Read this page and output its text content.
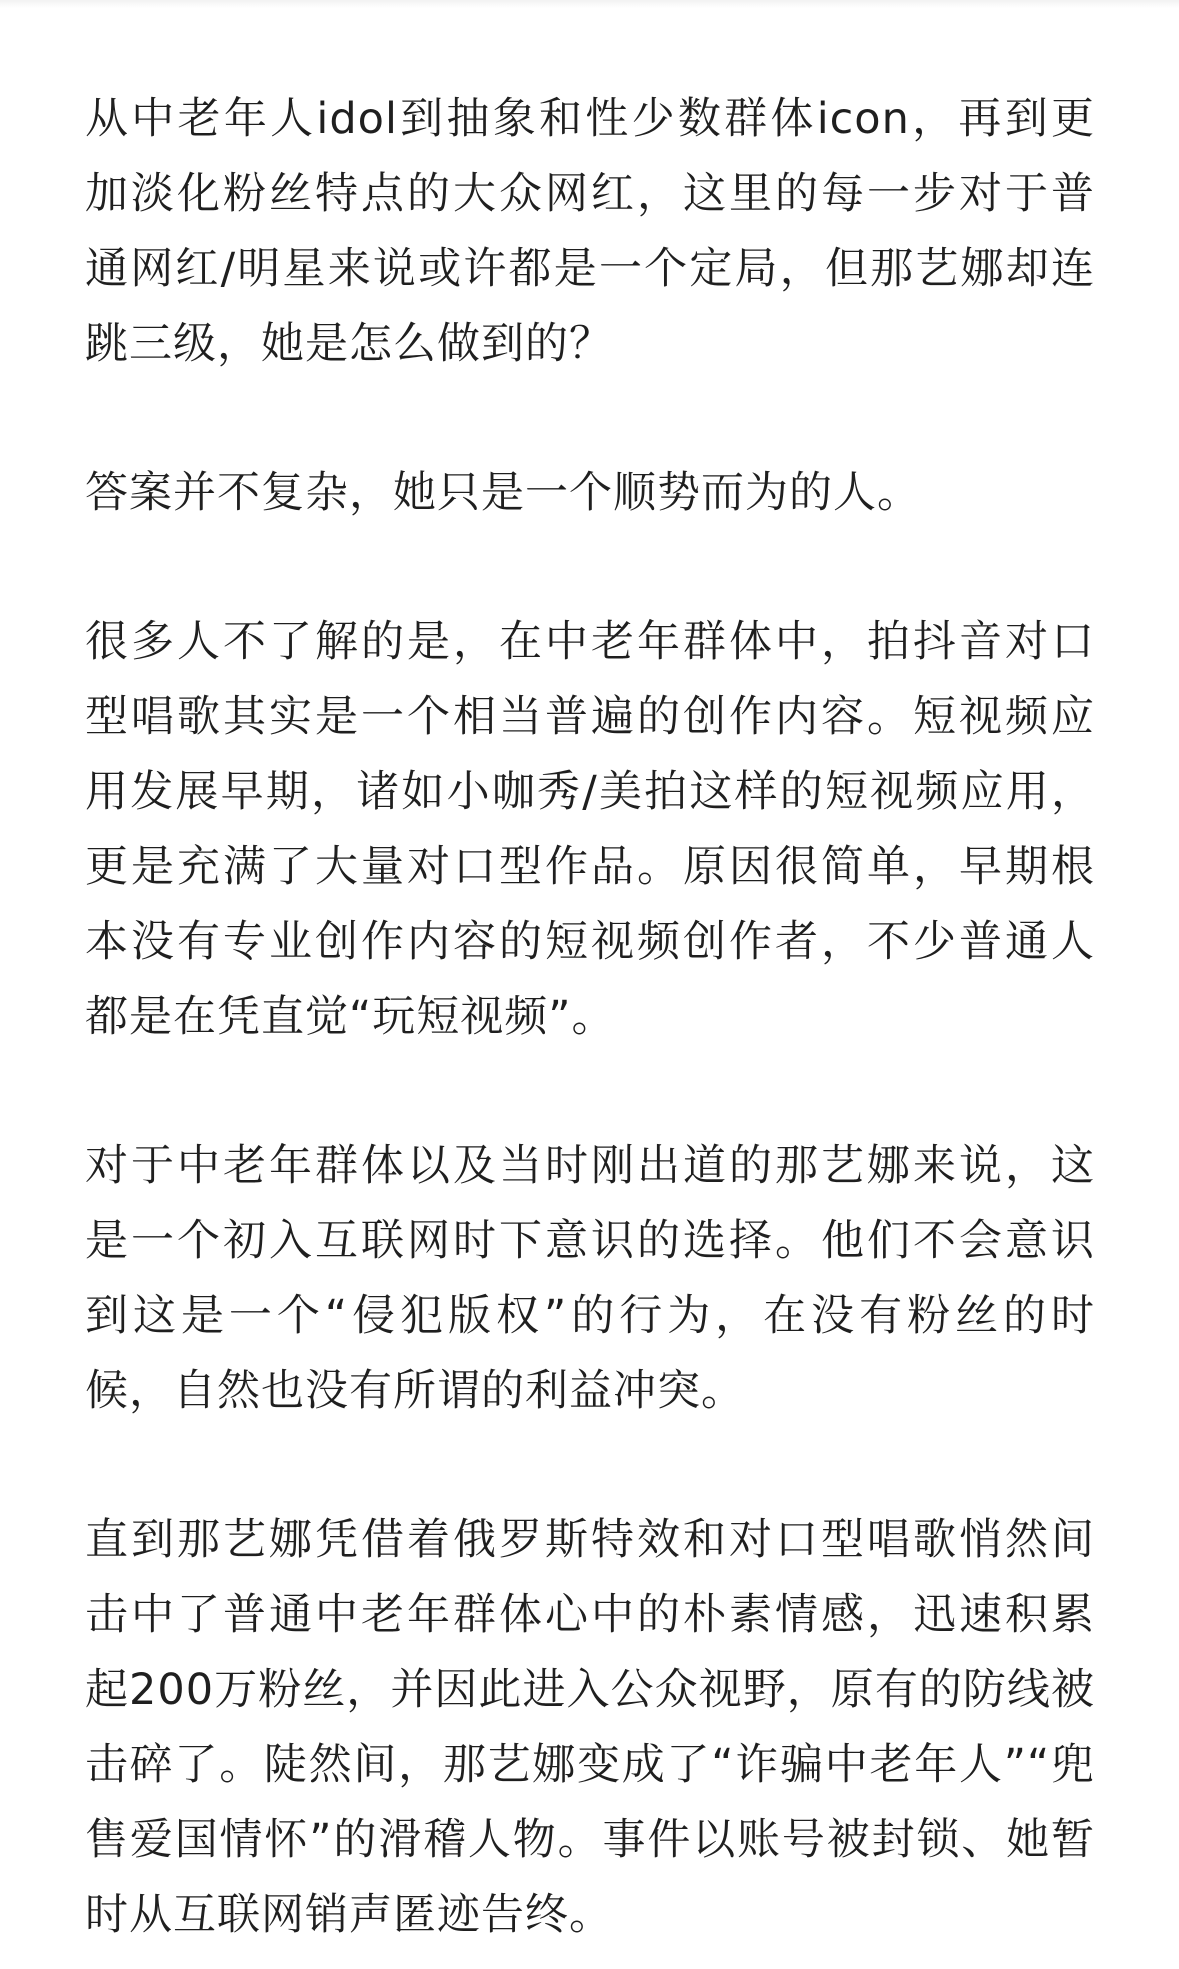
从中老年人idol到抽象和性少数群体icon，再到更加淡化粉丝特点的大众网红，这里的每一步对于普通网红/明星来说或许都是一个定局，但那艺娜却连跳三级，她是怎么做到的？

答案并不复杂，她只是一个顺势而为的人。

很多人不了解的是，在中老年群体中，拍抖音对口型唱歌其实是一个相当普遍的创作内容。短视频应用发展早期，诸如小咖秀/美拍这样的短视频应用，更是充满了大量对口型作品。原因很简单，早期根本没有专业创作内容的短视频创作者，不少普通人都是在凭直觉“玩短视频”。

对于中老年群体以及当时刚出道的那艺娜来说，这是一个初入互联网时下意识的选择。他们不会意识到这是一个“侵犯版权”的行为，在没有粉丝的时候，自然也没有所谓的利益冲突。

直到那艺娜凭借着俄罗斯特效和对口型唱歌悄然间击中了普通中老年群体心中的朴素情感，迅速积累起200万粉丝，并因此进入公众视野，原有的防线被击碎了。陡然间，那艺娜变成了“诈骗中老年人”“兜售爱国情怀”的滑稽人物。事件以账号被封锁、她暂时从互联网销声匿迹告终。
